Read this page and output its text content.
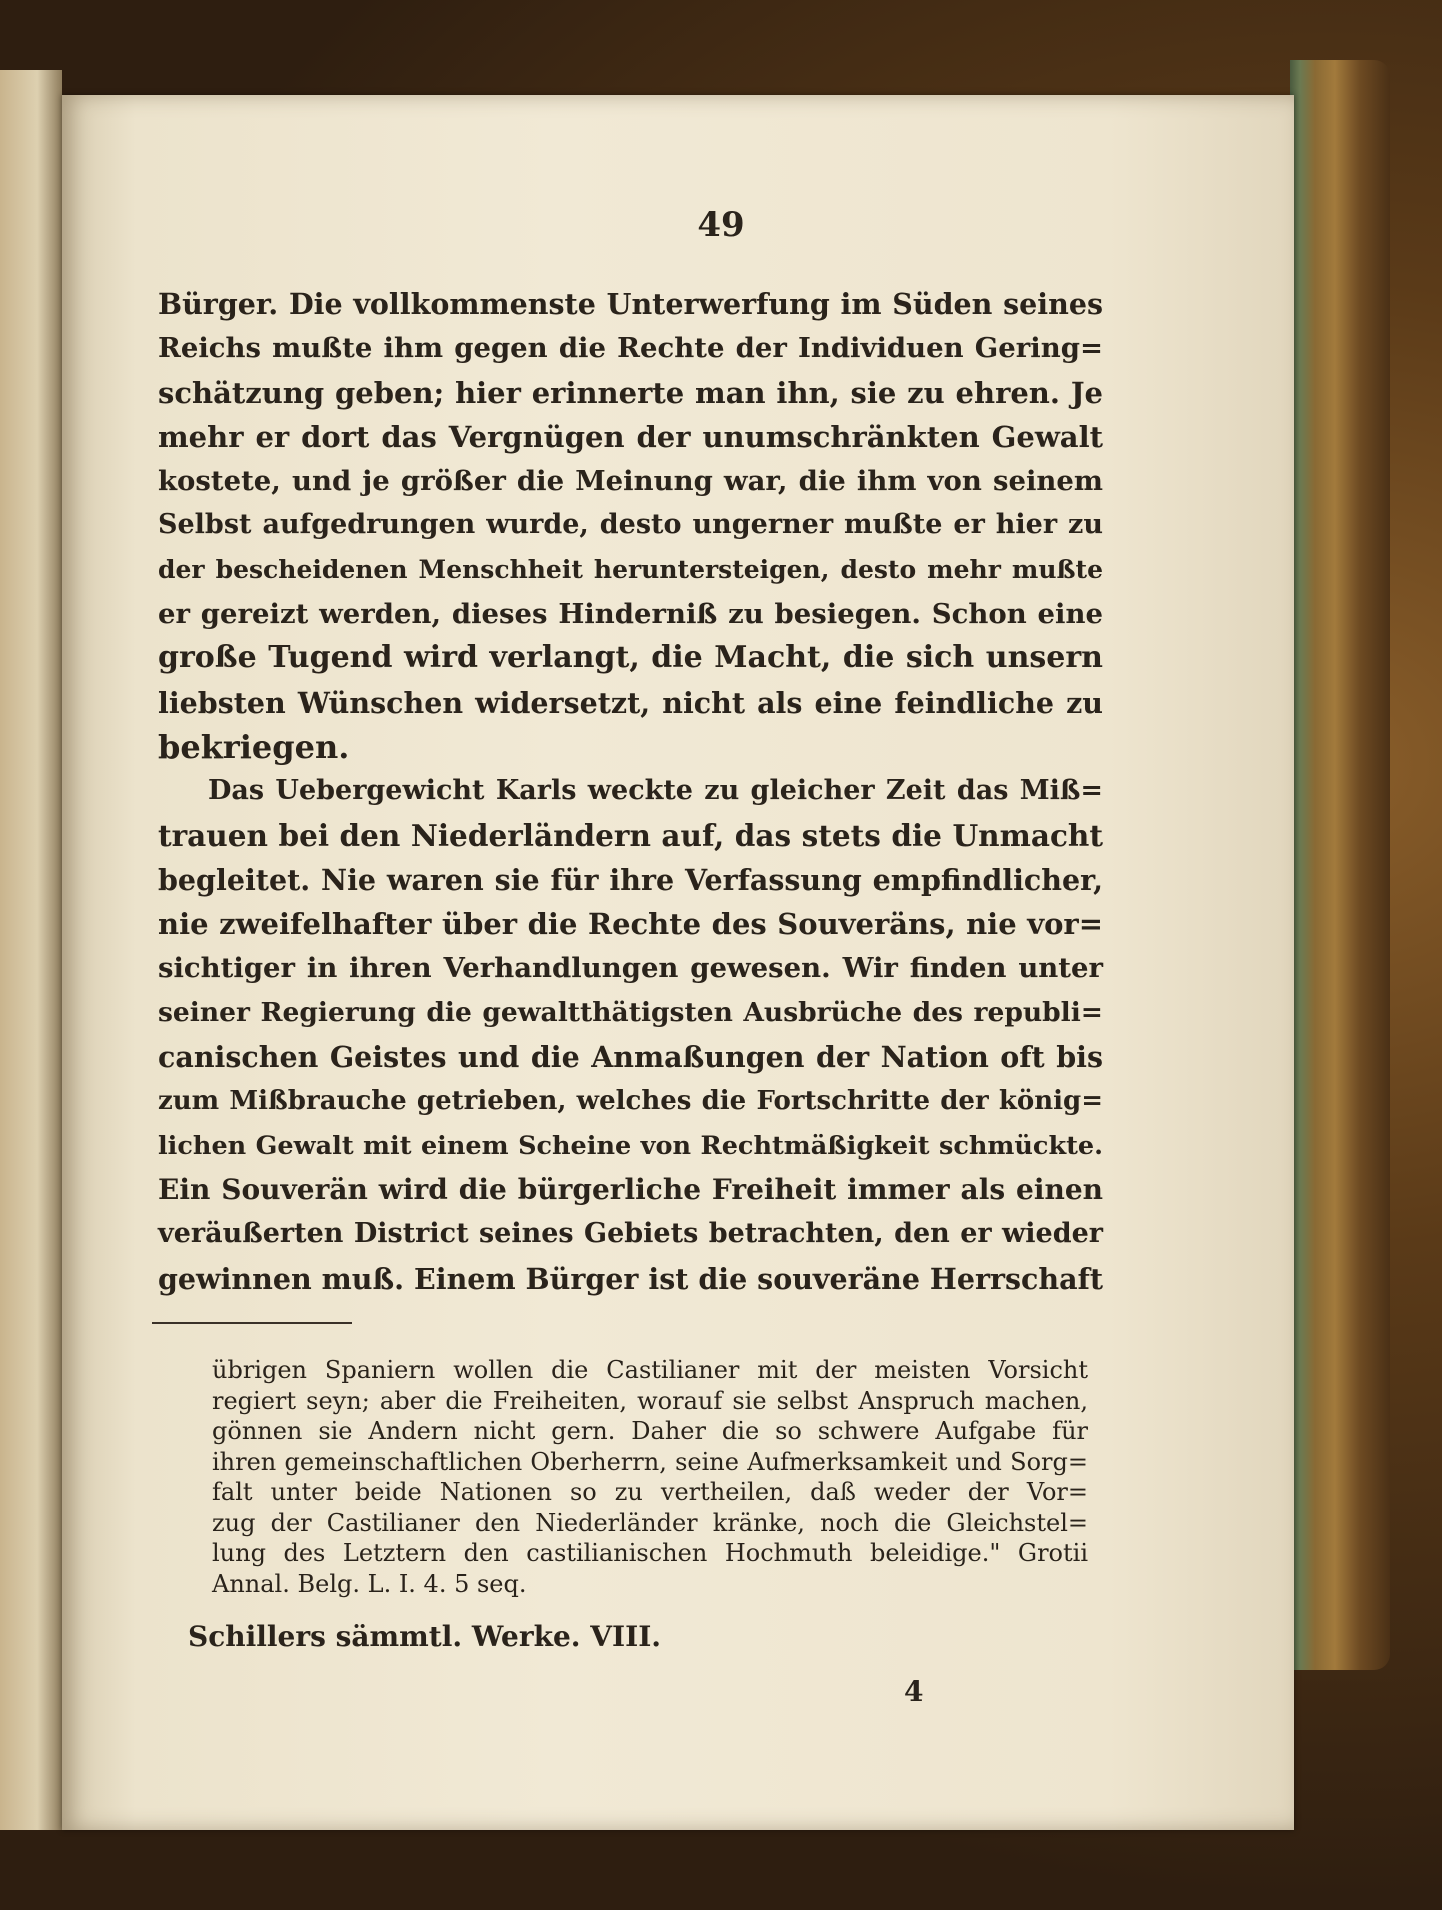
49
Bürger. Die vollkommenste Unterwerfung im Süden seines
Reichs mußte ihm gegen die Rechte der Individuen Gering=
schätzung geben; hier erinnerte man ihn, sie zu ehren. Je
mehr er dort das Vergnügen der unumschränkten Gewalt
kostete, und je größer die Meinung war, die ihm von seinem
Selbst aufgedrungen wurde, desto ungerner mußte er hier zu
der bescheidenen Menschheit heruntersteigen, desto mehr mußte
er gereizt werden, dieses Hinderniß zu besiegen. Schon eine
große Tugend wird verlangt, die Macht, die sich unsern
liebsten Wünschen widersetzt, nicht als eine feindliche zu
bekriegen.
Das Uebergewicht Karls weckte zu gleicher Zeit das Miß=
trauen bei den Niederländern auf, das stets die Unmacht
begleitet. Nie waren sie für ihre Verfassung empfindlicher,
nie zweifelhafter über die Rechte des Souveräns, nie vor=
sichtiger in ihren Verhandlungen gewesen. Wir finden unter
seiner Regierung die gewaltthätigsten Ausbrüche des republi=
canischen Geistes und die Anmaßungen der Nation oft bis
zum Mißbrauche getrieben, welches die Fortschritte der könig=
lichen Gewalt mit einem Scheine von Rechtmäßigkeit schmückte.
Ein Souverän wird die bürgerliche Freiheit immer als einen
veräußerten District seines Gebiets betrachten, den er wieder
gewinnen muß. Einem Bürger ist die souveräne Herrschaft
übrigen Spaniern wollen die Castilianer mit der meisten Vorsicht
regiert seyn; aber die Freiheiten, worauf sie selbst Anspruch machen,
gönnen sie Andern nicht gern. Daher die so schwere Aufgabe für
ihren gemeinschaftlichen Oberherrn, seine Aufmerksamkeit und Sorg=
falt unter beide Nationen so zu vertheilen, daß weder der Vor=
zug der Castilianer den Niederländer kränke, noch die Gleichstel=
lung des Letztern den castilianischen Hochmuth beleidige." Grotii
Annal. Belg. L. I. 4. 5 seq.
Schillers sämmtl. Werke. VIII.
4
